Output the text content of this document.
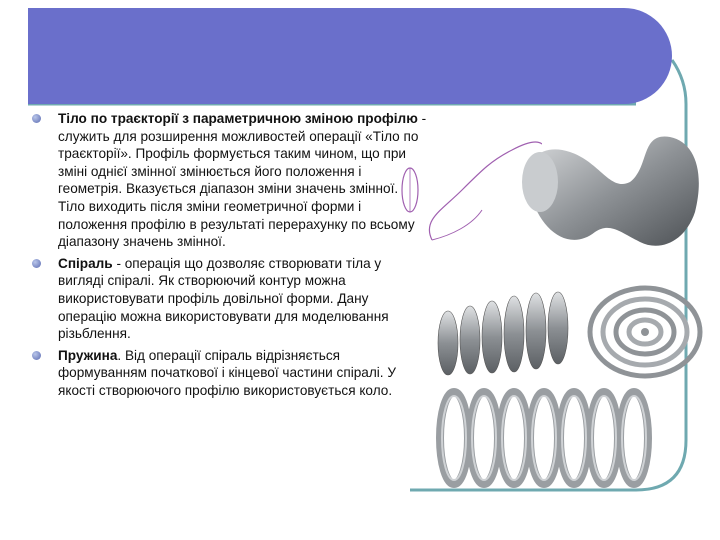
Тіло по траєкторії з параметричною зміною профілю - служить для розширення можливостей операції «Тіло по траєкторії». Профіль формується таким чином, що при зміні однієї змінної змінюється його положення і геометрія. Вказується діапазон зміни значень змінної. Тіло виходить після зміни геометричної форми і положення профілю в результаті перерахунку по всьому діапазону значень змінної.
Спіраль - операція що дозволяє створювати тіла у вигляді спіралі. Як створюючий контур можна використовувати профіль довільної форми. Дану операцію можна використовувати для моделювання різьблення.
Пружина. Від операції спіраль відрізняється формуванням початкової і кінцевої частини спіралі. У якості створюючого профілю використовується коло.
